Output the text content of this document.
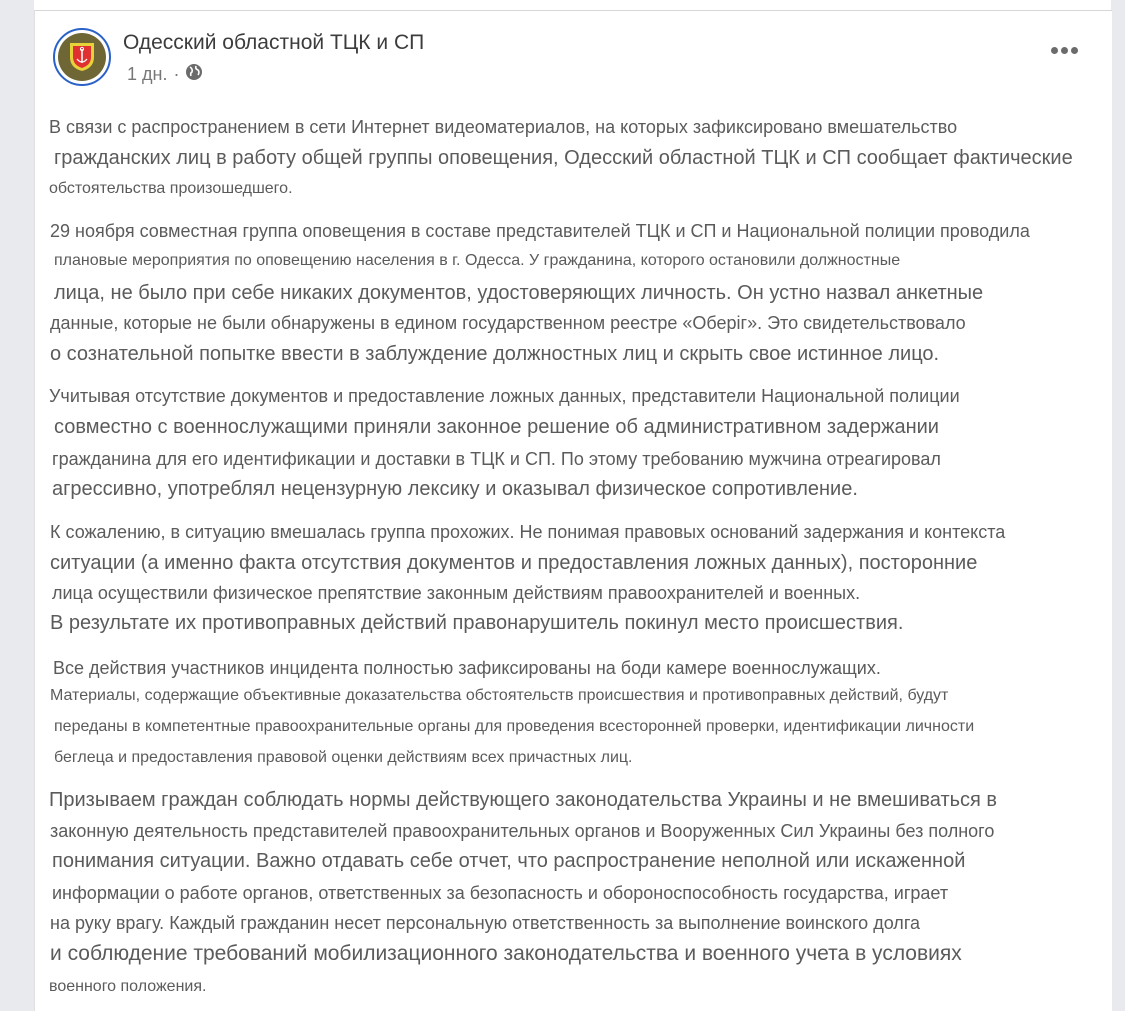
Одесский областной ТЦК и СП
1 дн. ·
В связи с распространением в сети Интернет видеоматериалов, на которых зафиксировано вмешательство
гражданских лиц в работу общей группы оповещения, Одесский областной ТЦК и СП сообщает фактические
обстоятельства произошедшего.
29 ноября совместная группа оповещения в составе представителей ТЦК и СП и Национальной полиции проводила
плановые мероприятия по оповещению населения в г. Одесса. У гражданина, которого остановили должностные
лица, не было при себе никаких документов, удостоверяющих личность. Он устно назвал анкетные
данные, которые не были обнаружены в едином государственном реестре «Оберіг». Это свидетельствовало
о сознательной попытке ввести в заблуждение должностных лиц и скрыть свое истинное лицо.
Учитывая отсутствие документов и предоставление ложных данных, представители Национальной полиции
совместно с военнослужащими приняли законное решение об административном задержании
гражданина для его идентификации и доставки в ТЦК и СП. По этому требованию мужчина отреагировал
агрессивно, употреблял нецензурную лексику и оказывал физическое сопротивление.
К сожалению, в ситуацию вмешалась группа прохожих. Не понимая правовых оснований задержания и контекста
ситуации (а именно факта отсутствия документов и предоставления ложных данных), посторонние
лица осуществили физическое препятствие законным действиям правоохранителей и военных.
В результате их противоправных действий правонарушитель покинул место происшествия.
Все действия участников инцидента полностью зафиксированы на боди камере военнослужащих.
Материалы, содержащие объективные доказательства обстоятельств происшествия и противоправных действий, будут
переданы в компетентные правоохранительные органы для проведения всесторонней проверки, идентификации личности
беглеца и предоставления правовой оценки действиям всех причастных лиц.
Призываем граждан соблюдать нормы действующего законодательства Украины и не вмешиваться в
законную деятельность представителей правоохранительных органов и Вооруженных Сил Украины без полного
понимания ситуации. Важно отдавать себе отчет, что распространение неполной или искаженной
информации о работе органов, ответственных за безопасность и обороноспособность государства, играет
на руку врагу. Каждый гражданин несет персональную ответственность за выполнение воинского долга
и соблюдение требований мобилизационного законодательства и военного учета в условиях
военного положения.
